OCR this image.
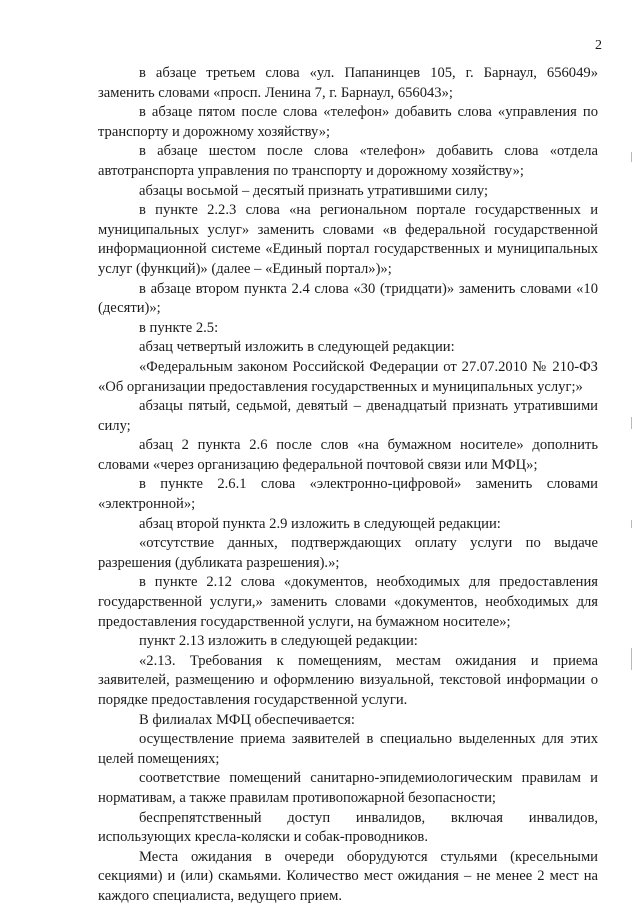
2

в абзаце третьем слова «ул. Папанинцев 105, г. Барнаул, 656049» заменить словами «просп. Ленина 7, г. Барнаул, 656043»;

в абзаце пятом после слова «телефон» добавить слова «управления по транспорту и дорожному хозяйству»;

в абзаце шестом после слова «телефон» добавить слова «отдела автотранспорта управления по транспорту и дорожному хозяйству»;

абзацы восьмой – десятый признать утратившими силу;

в пункте 2.2.3 слова «на региональном портале государственных и муниципальных услуг» заменить словами «в федеральной государственной информационной системе «Единый портал государственных и муниципальных услуг (функций)» (далее – «Единый портал»)»;

в абзаце втором пункта 2.4 слова «30 (тридцати)» заменить словами «10 (десяти)»;

в пункте 2.5:

абзац четвертый изложить в следующей редакции:

«Федеральным законом Российской Федерации от 27.07.2010 № 210-ФЗ «Об организации предоставления государственных и муниципальных услуг;»

абзацы пятый, седьмой, девятый – двенадцатый признать утратившими силу;

абзац 2 пункта 2.6 после слов «на бумажном носителе» дополнить словами «через организацию федеральной почтовой связи или МФЦ»;

в пункте 2.6.1 слова «электронно-цифровой» заменить словами «электронной»;

абзац второй пункта 2.9 изложить в следующей редакции:

«отсутствие данных, подтверждающих оплату услуги по выдаче разрешения (дубликата разрешения).»;

в пункте 2.12 слова «документов, необходимых для предоставления государственной услуги,» заменить словами «документов, необходимых для предоставления государственной услуги, на бумажном носителе»;

пункт 2.13 изложить в следующей редакции:

«2.13. Требования к помещениям, местам ожидания и приема заявителей, размещению и оформлению визуальной, текстовой информации о порядке предоставления государственной услуги.

В филиалах МФЦ обеспечивается:

осуществление приема заявителей в специально выделенных для этих целей помещениях;

соответствие помещений санитарно-эпидемиологическим правилам и нормативам, а также правилам противопожарной безопасности;

беспрепятственный доступ инвалидов, включая инвалидов, использующих кресла-коляски и собак-проводников.

Места ожидания в очереди оборудуются стульями (кресельными секциями) и (или) скамьями. Количество мест ожидания – не менее 2 мест на каждого специалиста, ведущего прием.
